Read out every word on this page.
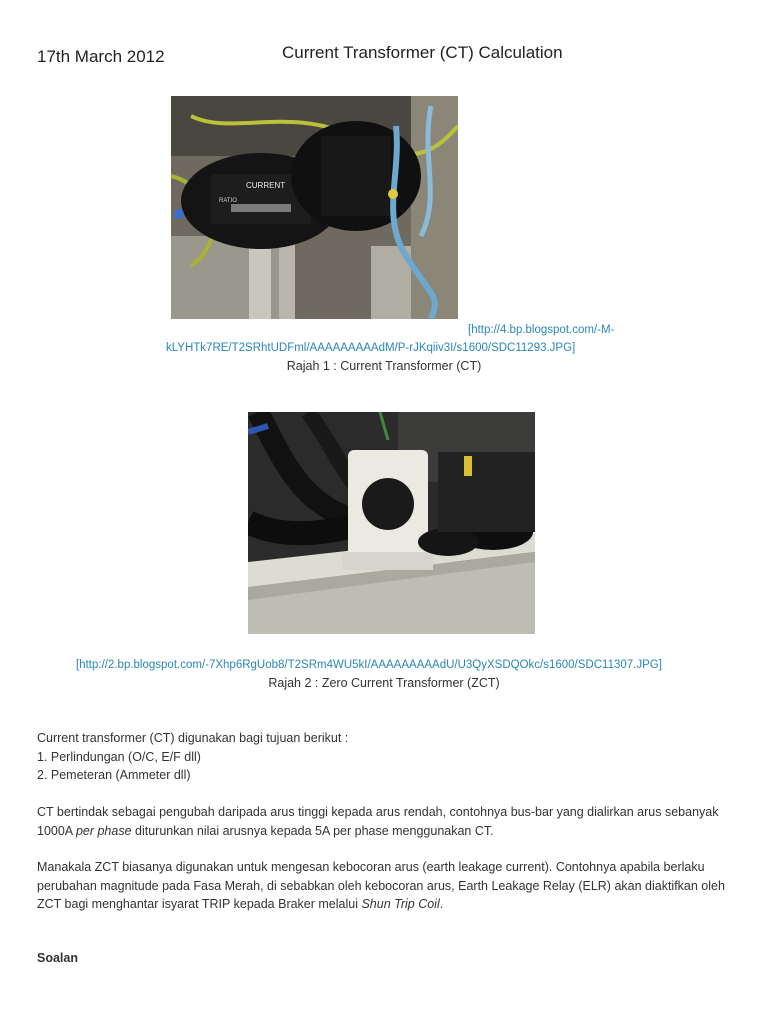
17th March 2012	Current Transformer (CT) Calculation
CURRENT
RATIO
[http://4.bp.blogspot.com/-M-
kLYHTk7RE/T2SRhtUDFml/AAAAAAAAAdM/P-rJKqiiv3I/s1600/SDC11293.JPG]
Rajah 1 : Current Transformer (CT)
[http://2.bp.blogspot.com/-7Xhp6RgUob8/T2SRm4WU5kI/AAAAAAAAAdU/U3QyXSDQOkc/s1600/SDC11307.JPG]
Rajah 2 : Zero Current Transformer (ZCT)

Current transformer (CT) digunakan bagi tujuan berikut :

1. Perlindungan (O/C, E/F dll)

2. Pemeteran (Ammeter dll)

CT bertindak sebagai pengubah daripada arus tinggi kepada arus rendah, contohnya bus-bar yang dialirkan arus sebanyak 1000A per phase diturunkan nilai arusnya kepada 5A per phase menggunakan CT.

Manakala ZCT biasanya digunakan untuk mengesan kebocoran arus (earth leakage current). Contohnya apabila berlaku perubahan magnitude pada Fasa Merah, di sebabkan oleh kebocoran arus, Earth Leakage Relay (ELR) akan diaktifkan oleh ZCT bagi menghantar isyarat TRIP kepada Braker melalui Shun Trip Coil.

Soalan
